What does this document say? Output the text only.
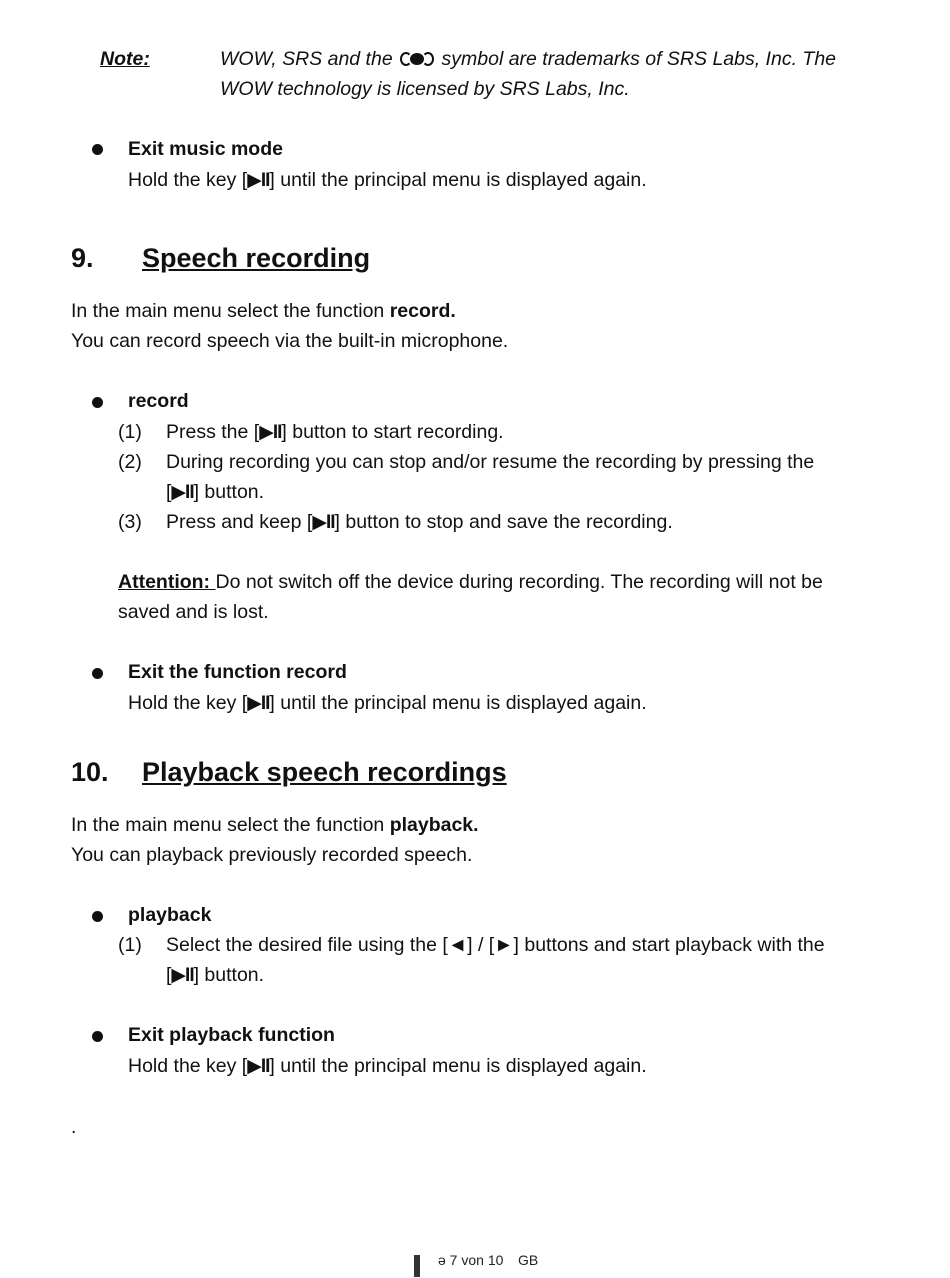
Note:	WOW, SRS and the	symbol are trademarks of SRS Labs, Inc. The
WOW technology is licensed by SRS Labs, Inc.
Exit music mode
Hold the key [▶II] until the principal menu is displayed again.
9. Speech recording
In the main menu select the function record.
You can record speech via the built-in microphone.
record
(1) Press the [▶II] button to start recording.
(2) During recording you can stop and/or resume the recording by pressing the
[▶II] button.
(3) Press and keep [▶II] button to stop and save the recording.
Attention: Do not switch off the device during recording. The recording will not be
saved and is lost.
Exit the function record
Hold the key [▶II] until the principal menu is displayed again.
10. Playback speech recordings
In the main menu select the function playback.
You can playback previously recorded speech.
playback
(1) Select the desired file using the [◄] / [►] buttons and start playback with the
[▶II] button.
Exit playback function
Hold the key [▶II] until the principal menu is displayed again.
.
ə 7 von 10 GB
